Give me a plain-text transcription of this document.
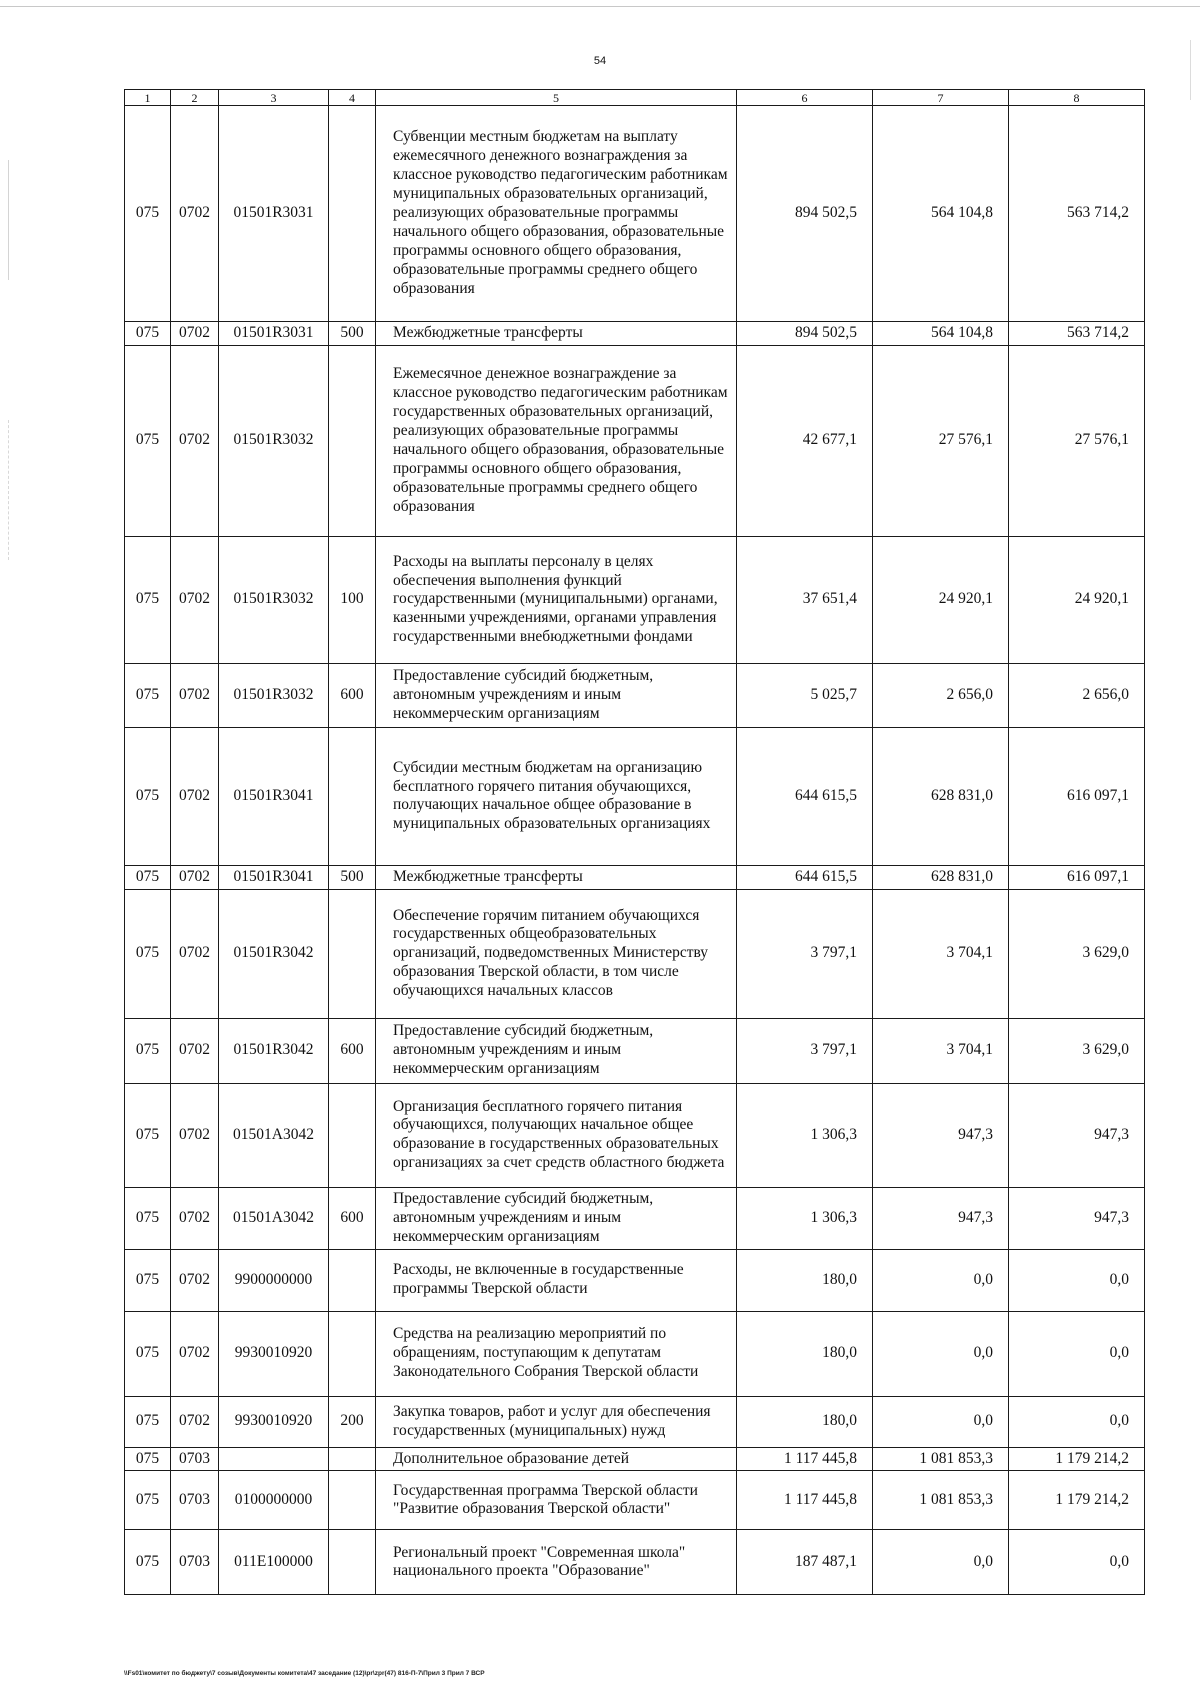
54
1	2	3	4	5	6	7	8
075	0702	01501R3031		Субвенции местным бюджетам на выплату ежемесячного денежного вознаграждения за классное руководство педагогическим работникам муниципальных образовательных организаций, реализующих образовательные программы начального общего образования, образовательные программы основного общего образования, образовательные программы среднего общего образования	894 502,5	564 104,8	563 714,2
075	0702	01501R3031	500	Межбюджетные трансферты	894 502,5	564 104,8	563 714,2
075	0702	01501R3032		Ежемесячное денежное вознаграждение за классное руководство педагогическим работникам государственных образовательных организаций, реализующих образовательные программы начального общего образования, образовательные программы основного общего образования, образовательные программы среднего общего образования	42 677,1	27 576,1	27 576,1
075	0702	01501R3032	100	Расходы на выплаты персоналу в целях обеспечения выполнения функций государственными (муниципальными) органами, казенными учреждениями, органами управления государственными внебюджетными фондами	37 651,4	24 920,1	24 920,1
075	0702	01501R3032	600	Предоставление субсидий бюджетным, автономным учреждениям и иным некоммерческим организациям	5 025,7	2 656,0	2 656,0
075	0702	01501R3041		Субсидии местным бюджетам на организацию бесплатного горячего питания обучающихся, получающих начальное общее образование в муниципальных образовательных организациях	644 615,5	628 831,0	616 097,1
075	0702	01501R3041	500	Межбюджетные трансферты	644 615,5	628 831,0	616 097,1
075	0702	01501R3042		Обеспечение горячим питанием обучающихся государственных общеобразовательных организаций, подведомственных Министерству образования Тверской области, в том числе обучающихся начальных классов	3 797,1	3 704,1	3 629,0
075	0702	01501R3042	600	Предоставление субсидий бюджетным, автономным учреждениям и иным некоммерческим организациям	3 797,1	3 704,1	3 629,0
075	0702	01501A3042		Организация бесплатного горячего питания обучающихся, получающих начальное общее образование в государственных образовательных организациях за счет средств областного бюджета	1 306,3	947,3	947,3
075	0702	01501A3042	600	Предоставление субсидий бюджетным, автономным учреждениям и иным некоммерческим организациям	1 306,3	947,3	947,3
075	0702	9900000000		Расходы, не включенные в государственные программы Тверской области	180,0	0,0	0,0
075	0702	9930010920		Средства на реализацию мероприятий по обращениям, поступающим к депутатам Законодательного Собрания Тверской области	180,0	0,0	0,0
075	0702	9930010920	200	Закупка товаров, работ и услуг для обеспечения государственных (муниципальных) нужд	180,0	0,0	0,0
075	0703			Дополнительное образование детей	1 117 445,8	1 081 853,3	1 179 214,2
075	0703	0100000000		Государственная программа Тверской области "Развитие образования Тверской области"	1 117 445,8	1 081 853,3	1 179 214,2
075	0703	011E100000		Региональный проект "Современная школа" национального проекта "Образование"	187 487,1	0,0	0,0
\\Fs01\комитет по бюджету\7 созыв\Документы комитета\47 заседание (12)\pr\zpr(47) 816-П-7\Прил 3 Прил 7 ВСР
